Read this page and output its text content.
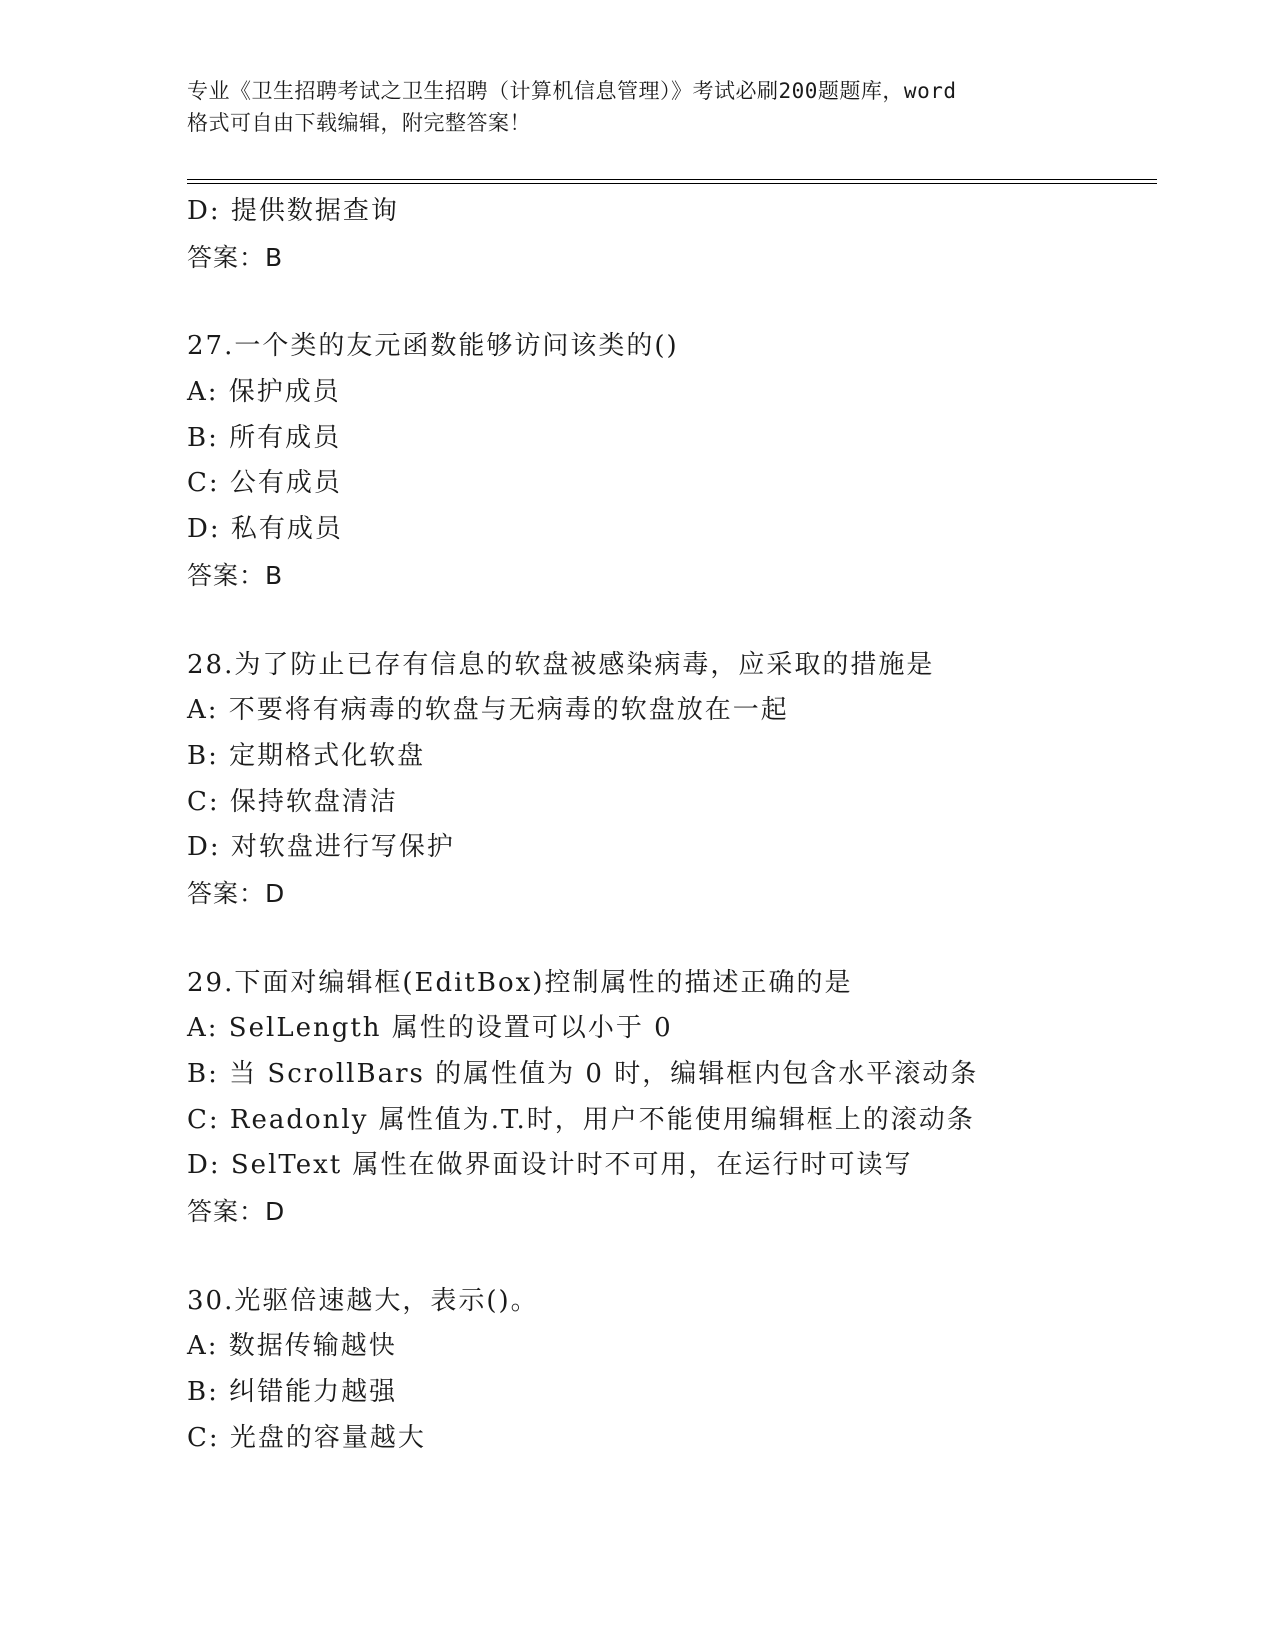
专业《卫生招聘考试之卫生招聘（计算机信息管理）》考试必刷200题题库，word
格式可自由下载编辑，附完整答案！
D: 提供数据查询
答案：B
27.一个类的友元函数能够访问该类的()
A: 保护成员
B: 所有成员
C: 公有成员
D: 私有成员
答案：B
28.为了防止已存有信息的软盘被感染病毒，应采取的措施是
A: 不要将有病毒的软盘与无病毒的软盘放在一起
B: 定期格式化软盘
C: 保持软盘清洁
D: 对软盘进行写保护
答案：D
29.下面对编辑框(EditBox)控制属性的描述正确的是
A: SelLength 属性的设置可以小于 0
B: 当 ScrollBars 的属性值为 0 时，编辑框内包含水平滚动条
C: Readonly 属性值为.T.时，用户不能使用编辑框上的滚动条
D: SelText 属性在做界面设计时不可用，在运行时可读写
答案：D
30.光驱倍速越大，表示()。
A: 数据传输越快
B: 纠错能力越强
C: 光盘的容量越大
